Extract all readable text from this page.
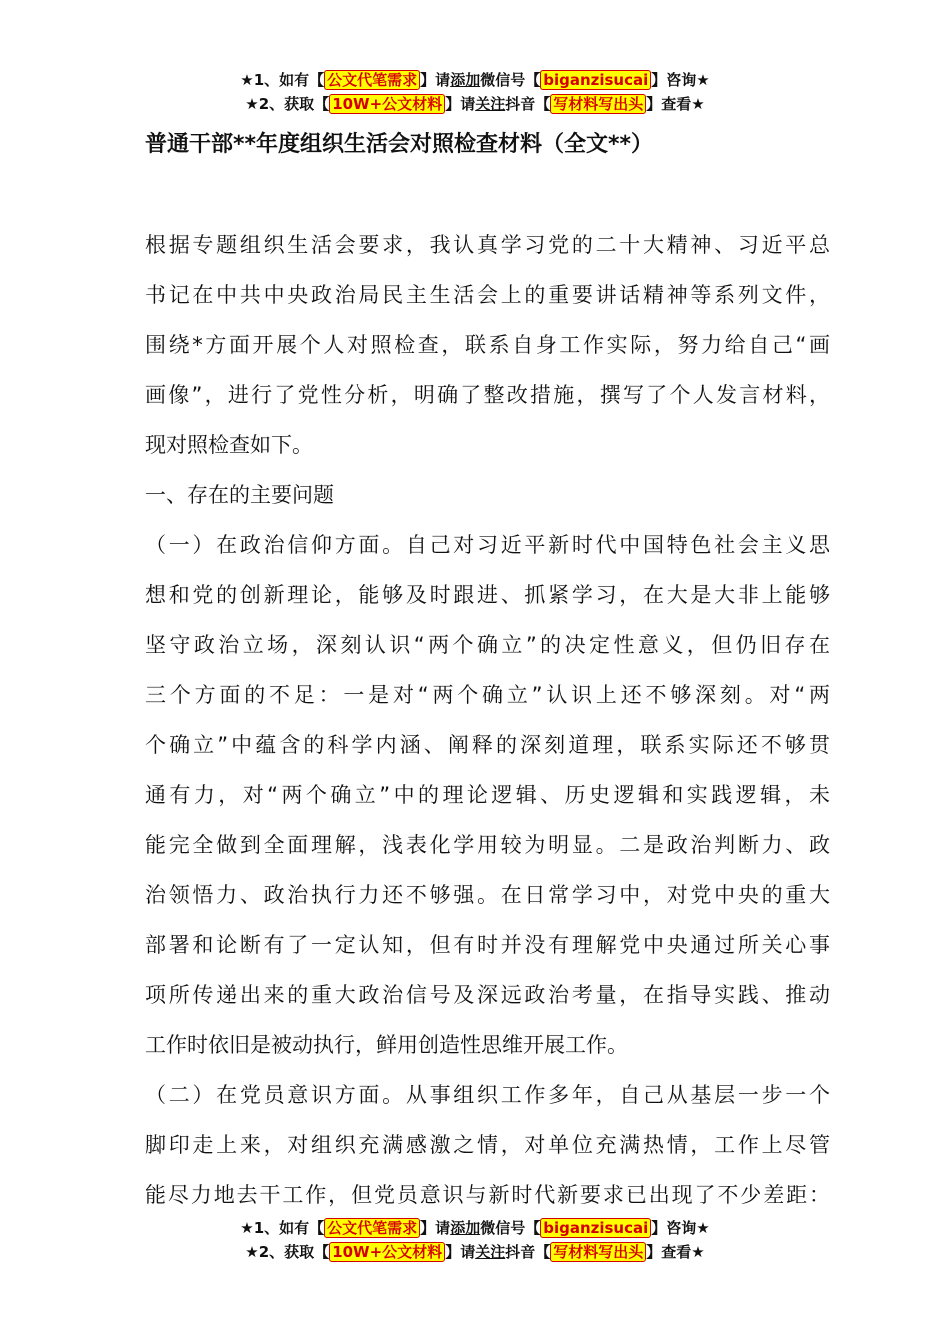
★1、如有【 公文代笔需求 】请添加微信号【 biganzisucai 】咨询★
★2、获取【 10W+公文材料 】请关注抖音【 写材料写出头 】查看★
普通干部**年度组织生活会对照检查材料（全文**）
根据专题组织生活会要求，我认真学习党的二十大精神、习近平总
书记在中共中央政治局民主生活会上的重要讲话精神等系列文件，
围绕*方面开展个人对照检查，联系自身工作实际，努力给自己“画
画像”，进行了党性分析，明确了整改措施，撰写了个人发言材料，
现对照检查如下。
一、存在的主要问题
（一）在政治信仰方面。自己对习近平新时代中国特色社会主义思
想和党的创新理论，能够及时跟进、抓紧学习，在大是大非上能够
坚守政治立场，深刻认识“两个确立”的决定性意义，但仍旧存在
三个方面的不足：一是对“两个确立”认识上还不够深刻。对“两
个确立”中蕴含的科学内涵、阐释的深刻道理，联系实际还不够贯
通有力，对“两个确立”中的理论逻辑、历史逻辑和实践逻辑，未
能完全做到全面理解，浅表化学用较为明显。二是政治判断力、政
治领悟力、政治执行力还不够强。在日常学习中，对党中央的重大
部署和论断有了一定认知，但有时并没有理解党中央通过所关心事
项所传递出来的重大政治信号及深远政治考量，在指导实践、推动
工作时依旧是被动执行，鲜用创造性思维开展工作。
（二）在党员意识方面。从事组织工作多年，自己从基层一步一个
脚印走上来，对组织充满感激之情，对单位充满热情，工作上尽管
能尽力地去干工作，但党员意识与新时代新要求已出现了不少差距：
★1、如有【 公文代笔需求 】请添加微信号【 biganzisucai 】咨询★
★2、获取【 10W+公文材料 】请关注抖音【 写材料写出头 】查看★
